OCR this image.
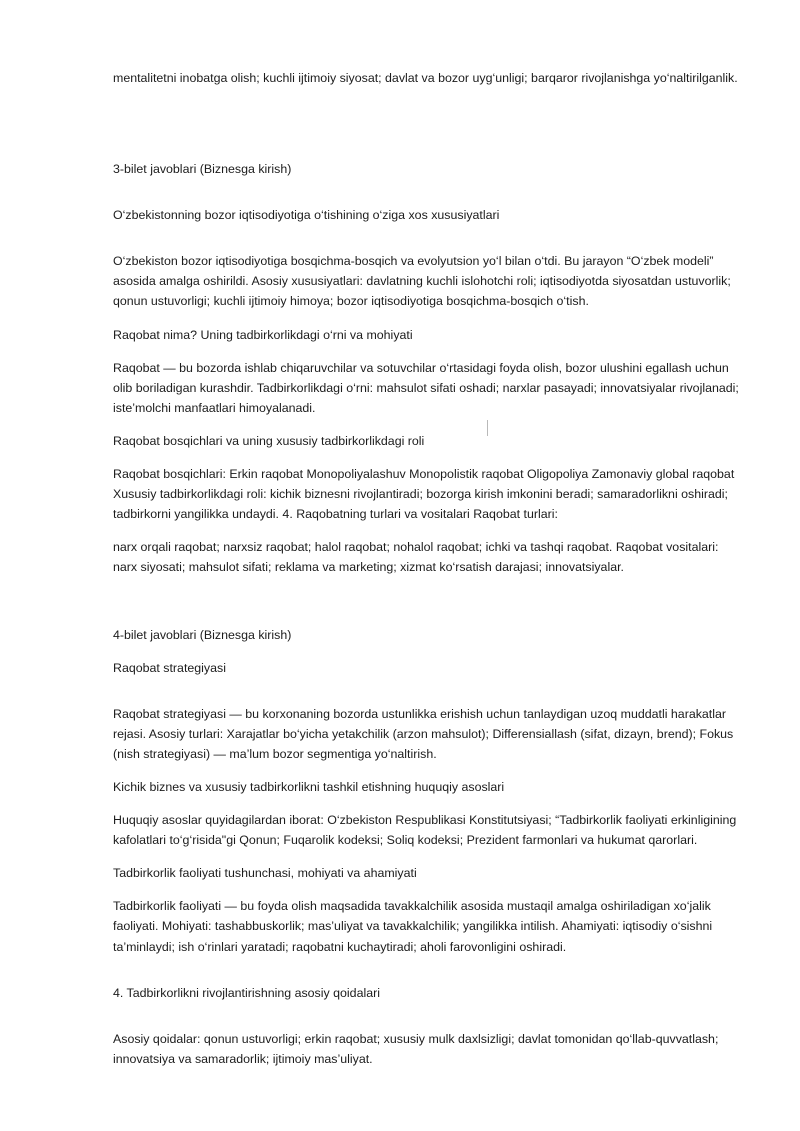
mentalitetni inobatga olish; kuchli ijtimoiy siyosat; davlat va bozor uyg‘unligi; barqaror rivojlanishga yo‘naltirilganlik.

3-bilet javoblari (Biznesga kirish)

O‘zbekistonning bozor iqtisodiyotiga o‘tishining o‘ziga xos xususiyatlari

O‘zbekiston bozor iqtisodiyotiga bosqichma-bosqich va evolyutsion yo‘l bilan o‘tdi. Bu jarayon “O‘zbek modeli” asosida amalga oshirildi. Asosiy xususiyatlari: davlatning kuchli islohotchi roli; iqtisodiyotda siyosatdan ustuvorlik; qonun ustuvorligi; kuchli ijtimoiy himoya; bozor iqtisodiyotiga bosqichma-bosqich o‘tish.

Raqobat nima? Uning tadbirkorlikdagi o‘rni va mohiyati

Raqobat — bu bozorda ishlab chiqaruvchilar va sotuvchilar o‘rtasidagi foyda olish, bozor ulushini egallash uchun olib boriladigan kurashdir. Tadbirkorlikdagi o‘rni: mahsulot sifati oshadi; narxlar pasayadi; innovatsiyalar rivojlanadi; iste’molchi manfaatlari himoyalanadi.

Raqobat bosqichlari va uning xususiy tadbirkorlikdagi roli

Raqobat bosqichlari: Erkin raqobat Monopoliyalashuv Monopolistik raqobat Oligopoliya Zamonaviy global raqobat Xususiy tadbirkorlikdagi roli: kichik biznesni rivojlantiradi; bozorga kirish imkonini beradi; samaradorlikni oshiradi; tadbirkorni yangilikka undaydi. 4. Raqobatning turlari va vositalari Raqobat turlari:

narx orqali raqobat; narxsiz raqobat; halol raqobat; nohalol raqobat; ichki va tashqi raqobat. Raqobat vositalari: narx siyosati; mahsulot sifati; reklama va marketing; xizmat ko‘rsatish darajasi; innovatsiyalar.

4-bilet javoblari (Biznesga kirish)

Raqobat strategiyasi

Raqobat strategiyasi — bu korxonaning bozorda ustunlikka erishish uchun tanlaydigan uzoq muddatli harakatlar rejasi. Asosiy turlari: Xarajatlar bo‘yicha yetakchilik (arzon mahsulot); Differensiallash (sifat, dizayn, brend); Fokus (nish strategiyasi) — ma’lum bozor segmentiga yo‘naltirish.

Kichik biznes va xususiy tadbirkorlikni tashkil etishning huquqiy asoslari

Huquqiy asoslar quyidagilardan iborat: O‘zbekiston Respublikasi Konstitutsiyasi; “Tadbirkorlik faoliyati erkinligining kafolatlari to‘g‘risida"gi Qonun; Fuqarolik kodeksi; Soliq kodeksi; Prezident farmonlari va hukumat qarorlari.

Tadbirkorlik faoliyati tushunchasi, mohiyati va ahamiyati

Tadbirkorlik faoliyati — bu foyda olish maqsadida tavakkalchilik asosida mustaqil amalga oshiriladigan xo‘jalik faoliyati. Mohiyati: tashabbuskorlik; mas’uliyat va tavakkalchilik; yangilikka intilish. Ahamiyati: iqtisodiy o‘sishni ta’minlaydi; ish o‘rinlari yaratadi; raqobatni kuchaytiradi; aholi farovonligini oshiradi.

4. Tadbirkorlikni rivojlantirishning asosiy qoidalari

Asosiy qoidalar: qonun ustuvorligi; erkin raqobat; xususiy mulk daxlsizligi; davlat tomonidan qo‘llab-quvvatlash; innovatsiya va samaradorlik; ijtimoiy mas’uliyat.
